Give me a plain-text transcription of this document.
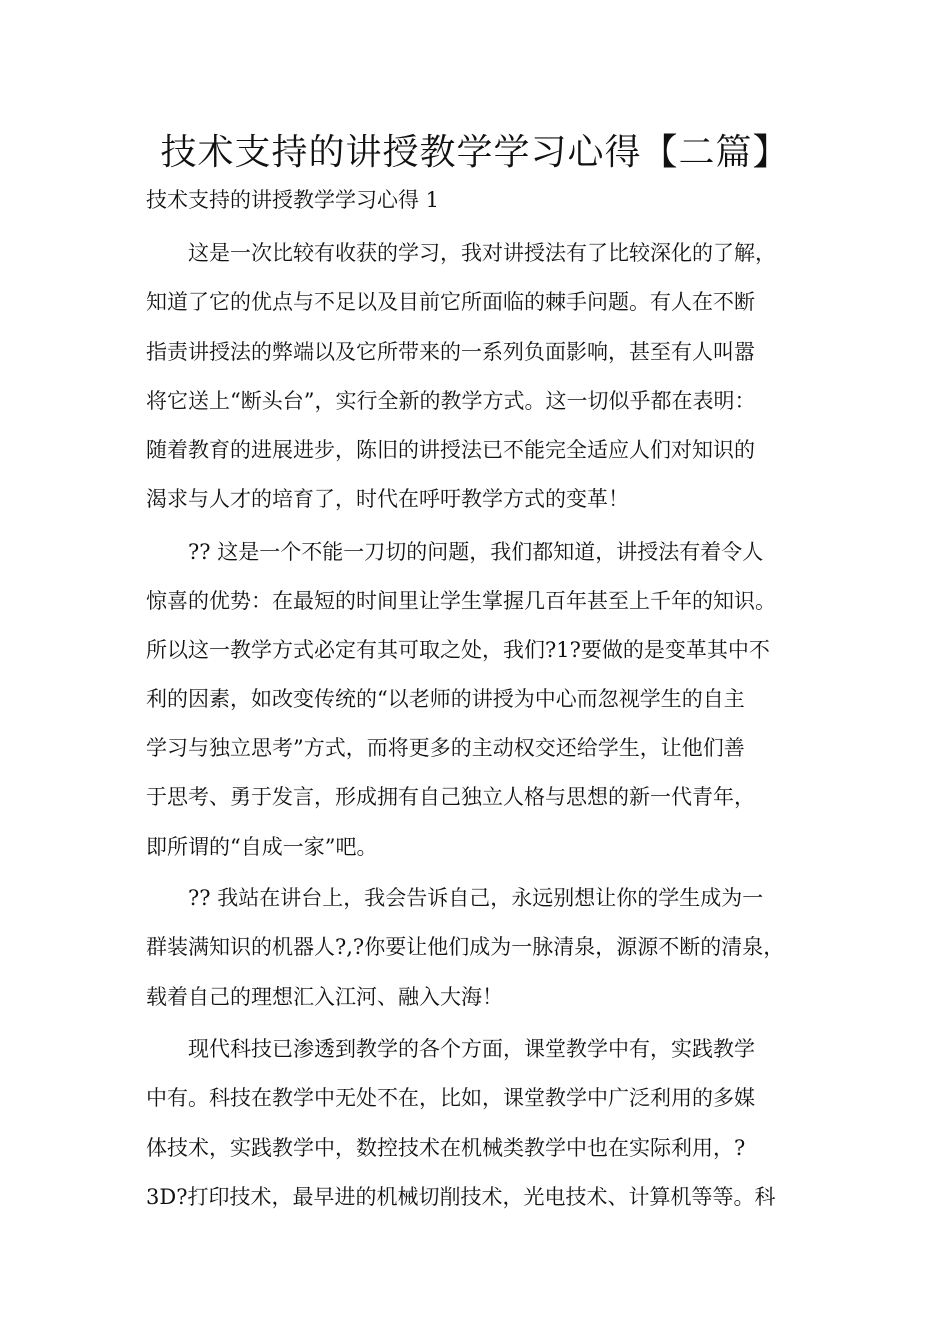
技术支持的讲授教学学习心得【二篇】
技术支持的讲授教学学习心得 1
　　这是一次比较有收获的学习，我对讲授法有了比较深化的了解，
知道了它的优点与不足以及目前它所面临的棘手问题。有人在不断
指责讲授法的弊端以及它所带来的一系列负面影响，甚至有人叫嚣
将它送上“断头台”，实行全新的教学方式。这一切似乎都在表明：
随着教育的进展进步，陈旧的讲授法已不能完全适应人们对知识的
渴求与人才的培育了，时代在呼吁教学方式的变革！
　　?? 这是一个不能一刀切的问题，我们都知道，讲授法有着令人
惊喜的优势：在最短的时间里让学生掌握几百年甚至上千年的知识。
所以这一教学方式必定有其可取之处，我们?1?要做的是变革其中不
利的因素，如改变传统的“以老师的讲授为中心而忽视学生的自主
学习与独立思考”方式，而将更多的主动权交还给学生，让他们善
于思考、勇于发言，形成拥有自己独立人格与思想的新一代青年，
即所谓的“自成一家”吧。
　　?? 我站在讲台上，我会告诉自己，永远别想让你的学生成为一
群装满知识的机器人?,?你要让他们成为一脉清泉，源源不断的清泉，
载着自己的理想汇入江河、融入大海！
　　现代科技已渗透到教学的各个方面，课堂教学中有，实践教学
中有。科技在教学中无处不在，比如，课堂教学中广泛利用的多媒
体技术，实践教学中，数控技术在机械类教学中也在实际利用，?
3D?打印技术，最早进的机械切削技术，光电技术、计算机等等。科
